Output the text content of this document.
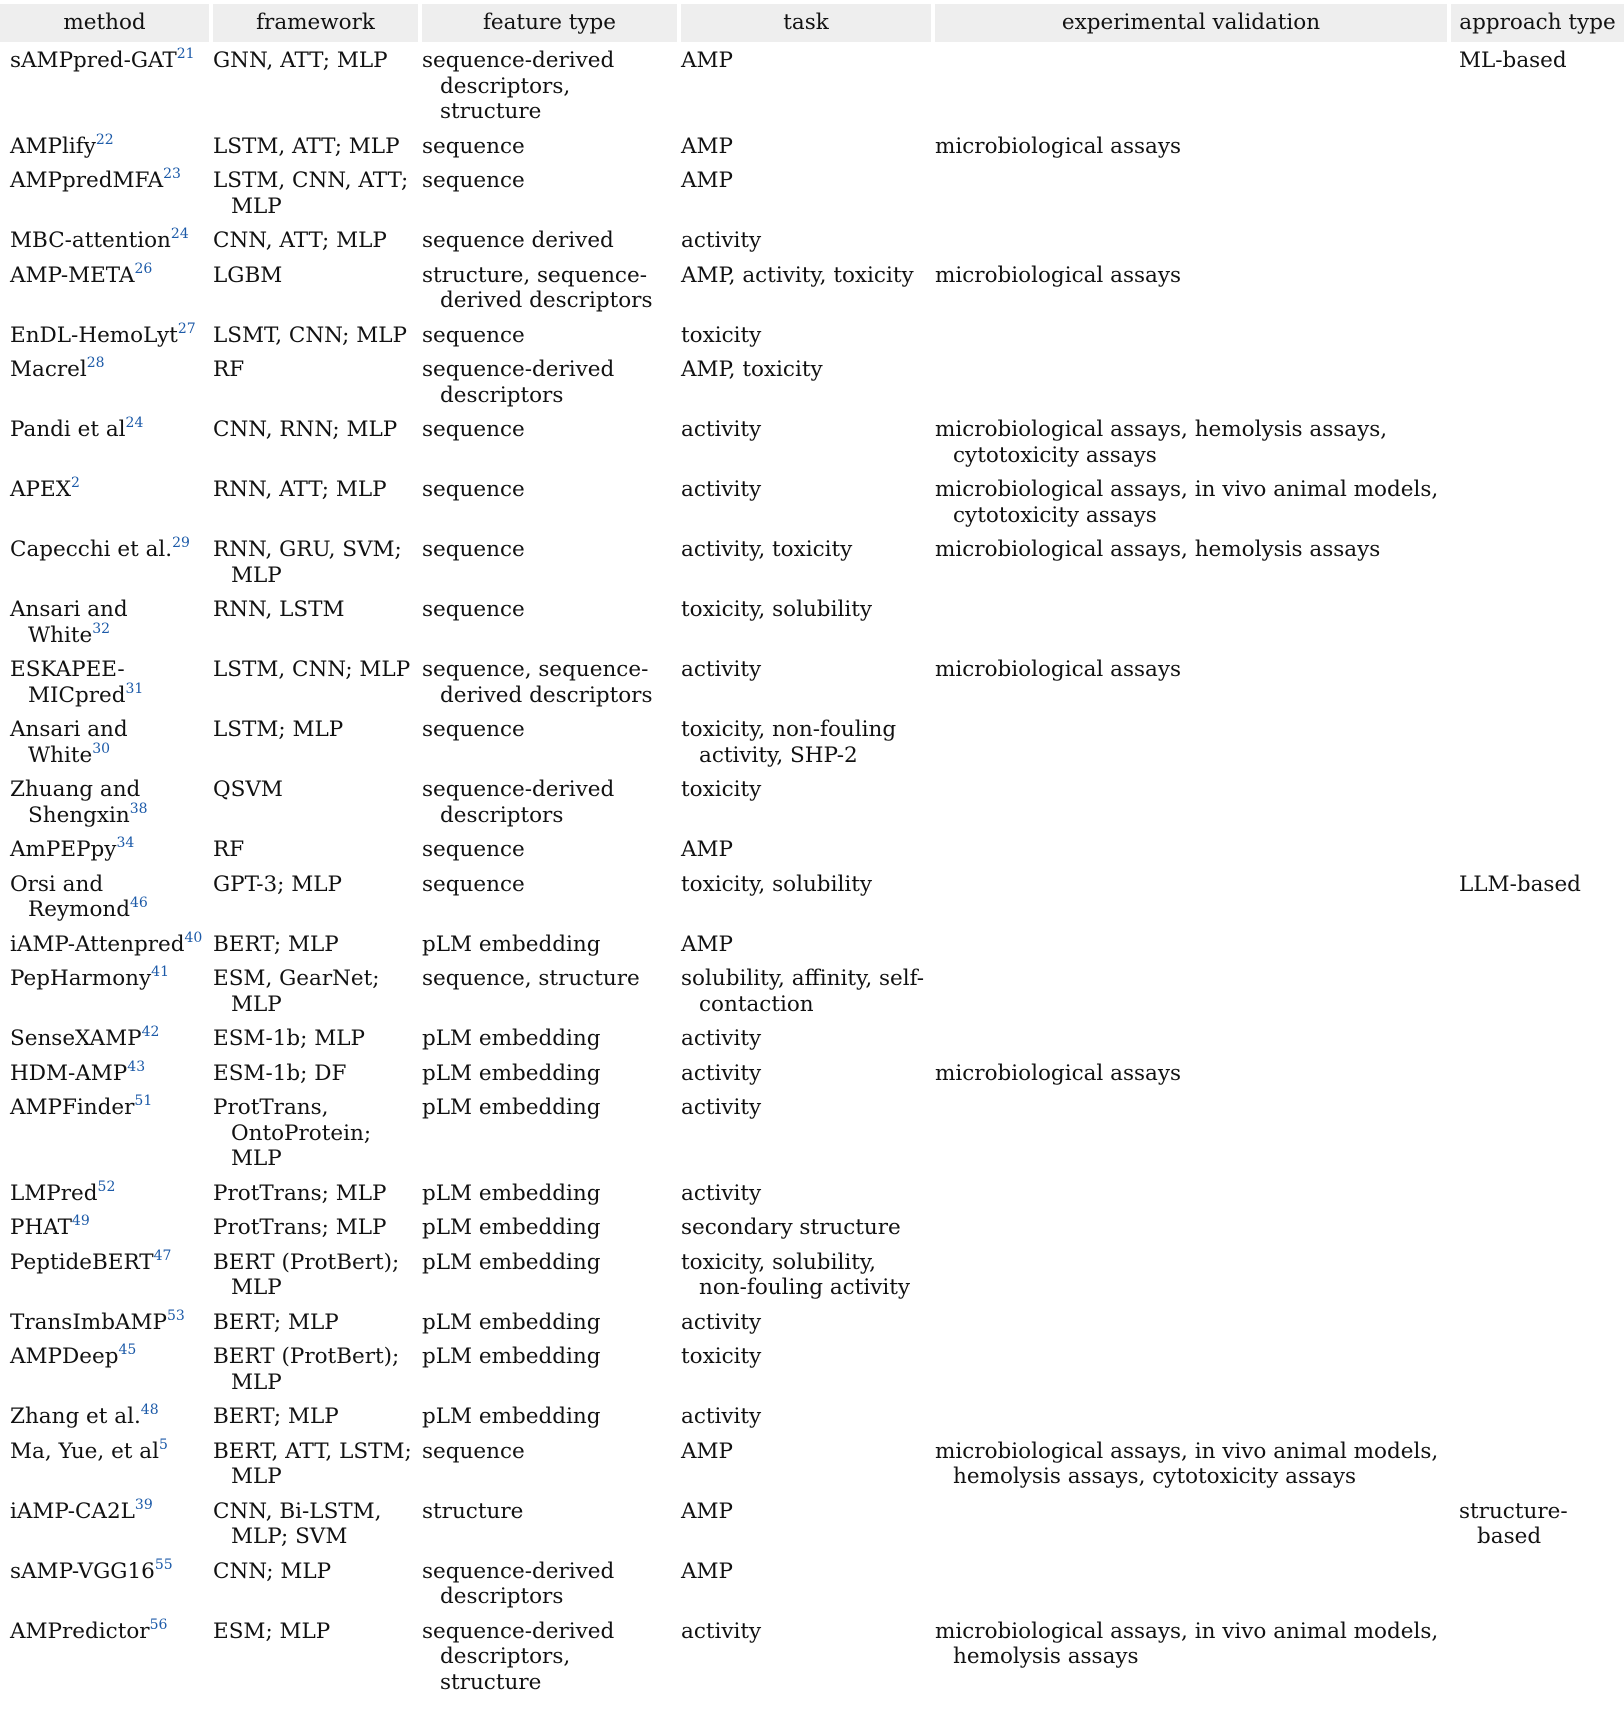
method	framework	feature type	task	experimental validation	approach type

sAMPpred-GAT$^{21}$	GNN, ATT; MLP	sequence-derived descriptors, structure	AMP		ML-based

AMPlify$^{22}$	LSTM, ATT; MLP	sequence	AMP	microbiological assays	

AMPpredMFA$^{23}$	LSTM, CNN, ATT; MLP	sequence	AMP		

MBC-attention$^{24}$	CNN, ATT; MLP	sequence derived	activity		

AMP-META$^{26}$	LGBM	structure, sequence-derived descriptors	AMP, activity, toxicity	microbiological assays	

EnDL-HemoLyt$^{27}$	LSMT, CNN; MLP	sequence	toxicity		

Macrel$^{28}$	RF	sequence-derived descriptors	AMP, toxicity		

Pandi et $al^{24}$	CNN, RNN; MLP	sequence	activity	microbiological assays, hemolysis assays, cytotoxicity assays	

APEX$^2$	RNN, ATT; MLP	sequence	activity	microbiological assays, in vivo animal models, cytotoxicity assays	

Capecchi et al.$^{29}$	RNN, GRU, SVM; MLP	sequence	activity, toxicity	microbiological assays, hemolysis assays	

Ansari and White$^{32}$	RNN, LSTM	sequence	toxicity, solubility		

ESKAPEE-MICpred$^{31}$	LSTM, CNN; MLP	sequence, sequence-derived descriptors	activity	microbiological assays	

Ansari and White$^{30}$	LSTM; MLP	sequence	toxicity, non-fouling activity, SHP-2		

Zhuang and Shengxin$^{38}$	QSVM	sequence-derived descriptors	toxicity		

AmPEPpy$^{34}$	RF	sequence	AMP		

Orsi and Reymond$^{46}$	GPT-3; MLP	sequence	toxicity, solubility		LLM-based

iAMP-Attenpred$^{40}$	BERT; MLP	pLM embedding	AMP		

PepHarmony$^{41}$	ESM, GearNet; MLP	sequence, structure	solubility, affinity, self-contaction		

SenseXAMP$^{42}$	ESM-1b; MLP	pLM embedding	activity		

HDM-AMP$^{43}$	ESM-1b; DF	pLM embedding	activity	microbiological assays	

AMPFinder$^{51}$	ProtTrans, OntoProtein; MLP	pLM embedding	activity		

LMPred$^{52}$	ProtTrans; MLP	pLM embedding	activity		

PHAT$^{49}$	ProtTrans; MLP	pLM embedding	secondary structure		

PeptideBERT$^{47}$	BERT (ProtBert); MLP	pLM embedding	toxicity, solubility, non-fouling activity		

TransImbAMP$^{53}$	BERT; MLP	pLM embedding	activity		

AMPDeep$^{45}$	BERT (ProtBert); MLP	pLM embedding	toxicity		

Zhang et al.$^{48}$	BERT; MLP	pLM embedding	activity		

Ma, Yue, et $al^5$	BERT, ATT, LSTM; MLP	sequence	AMP	microbiological assays, in vivo animal models, hemolysis assays, cytotoxicity assays	

iAMP-$CA2L^{39}$	CNN, Bi-LSTM, MLP; SVM	structure	AMP		structure-based

sAMP-$VGG16^{55}$	CNN; MLP	sequence-derived descriptors	AMP		

AMPredictor$^{56}$	ESM; MLP	sequence-derived descriptors, structure	activity	microbiological assays, in vivo animal models, hemolysis assays	
